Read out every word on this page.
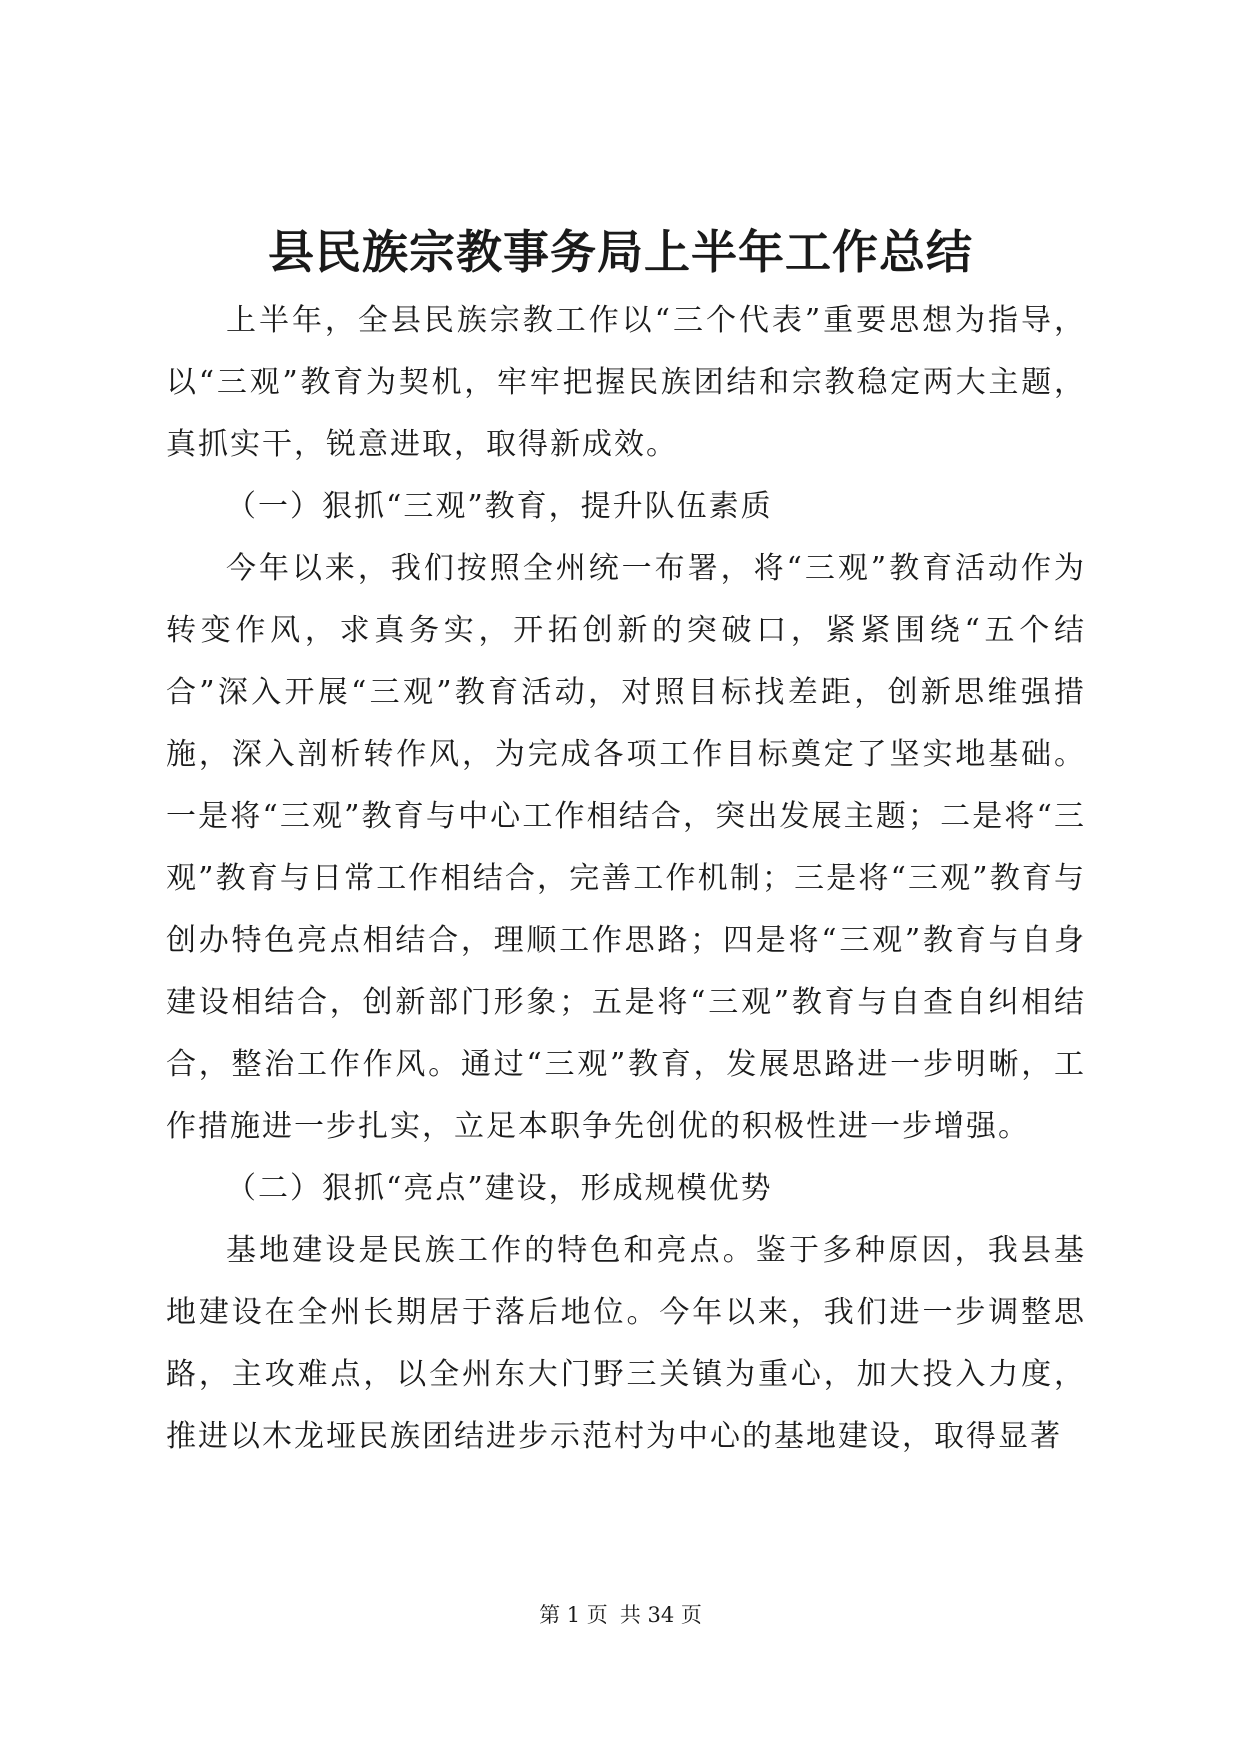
县民族宗教事务局上半年工作总结

上半年，全县民族宗教工作以“三个代表”重要思想为指导，以“三观”教育为契机，牢牢把握民族团结和宗教稳定两大主题，真抓实干，锐意进取，取得新成效。

（一）狠抓“三观”教育，提升队伍素质

今年以来，我们按照全州统一布署，将“三观”教育活动作为转变作风，求真务实，开拓创新的突破口，紧紧围绕“五个结合”深入开展“三观”教育活动，对照目标找差距，创新思维强措施，深入剖析转作风，为完成各项工作目标奠定了坚实地基础。一是将“三观”教育与中心工作相结合，突出发展主题；二是将“三观”教育与日常工作相结合，完善工作机制；三是将“三观”教育与创办特色亮点相结合，理顺工作思路；四是将“三观”教育与自身建设相结合，创新部门形象；五是将“三观”教育与自查自纠相结合，整治工作作风。通过“三观”教育，发展思路进一步明晰，工作措施进一步扎实，立足本职争先创优的积极性进一步增强。

（二）狠抓“亮点”建设，形成规模优势

基地建设是民族工作的特色和亮点。鉴于多种原因，我县基地建设在全州长期居于落后地位。今年以来，我们进一步调整思路，主攻难点，以全州东大门野三关镇为重心，加大投入力度，推进以木龙垭民族团结进步示范村为中心的基地建设，取得显著

第 1 页 共 34 页
